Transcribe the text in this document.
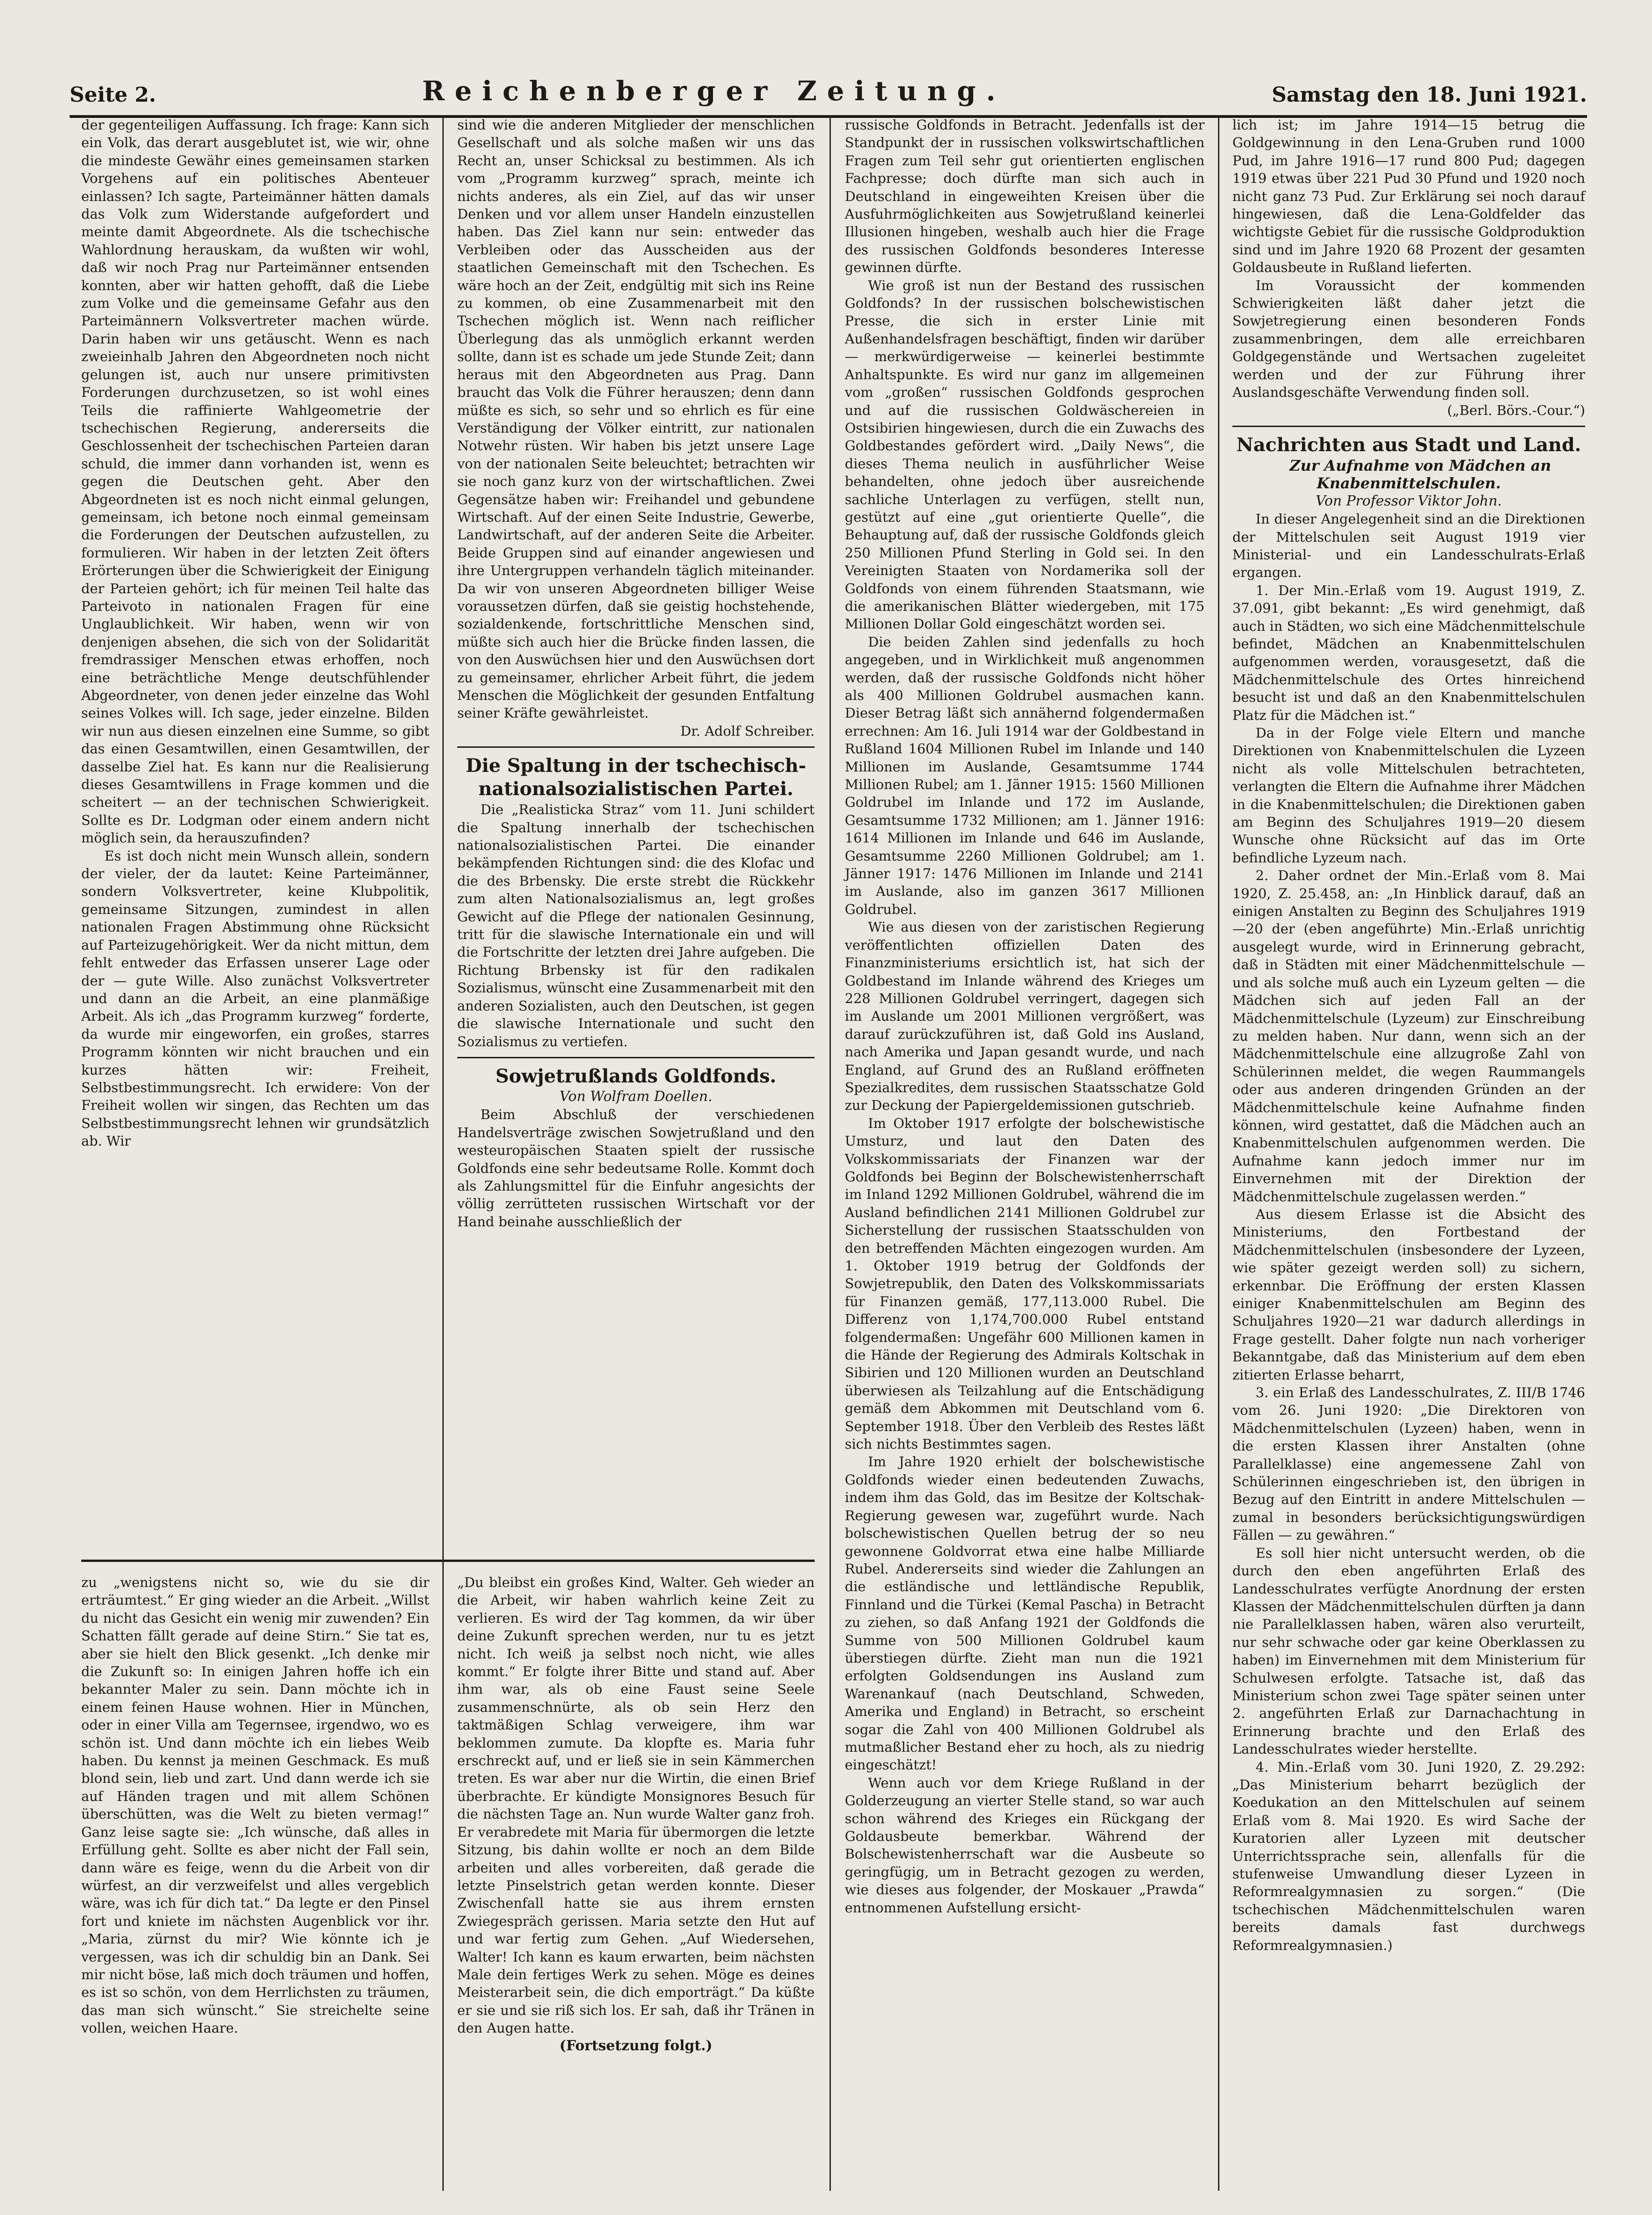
Seite 2.	Reichenberger Zeitung.	Samstag den 18. Juni 1921.

der gegenteiligen Auffassung. Ich frage: Kann sich ein Volk, das derart ausgeblutet ist, wie wir, ohne die mindeste Gewähr eines gemeinsamen starken Vorgehens auf ein politisches Abenteuer einlassen? Ich sagte, Parteimänner hätten damals das Volk zum Widerstande aufgefordert und meinte damit Abgeordnete. Als die tschechische Wahlordnung herauskam, da wußten wir wohl, daß wir noch Prag nur Parteimänner entsenden konnten, aber wir hatten gehofft, daß die Liebe zum Volke und die gemeinsame Gefahr aus den Parteimännern Volksvertreter machen würde. Darin haben wir uns getäuscht. Wenn es nach zweieinhalb Jahren den Abgeordneten noch nicht gelungen ist, auch nur unsere primitivsten Forderungen durchzusetzen, so ist wohl eines Teils die raffinierte Wahlgeometrie der tschechischen Regierung, andererseits die Geschlossenheit der tschechischen Parteien daran schuld, die immer dann vorhanden ist, wenn es gegen die Deutschen geht. Aber den Abgeordneten ist es noch nicht einmal gelungen, gemeinsam, ich betone noch einmal gemeinsam die Forderungen der Deutschen aufzustellen, zu formulieren. Wir haben in der letzten Zeit öfters Erörterungen über die Schwierigkeit der Einigung der Parteien gehört; ich für meinen Teil halte das Parteivoto in nationalen Fragen für eine Unglaublichkeit. Wir haben, wenn wir von denjenigen absehen, die sich von der Solidarität fremdrassiger Menschen etwas erhoffen, noch eine beträchtliche Menge deutschfühlender Abgeordneter, von denen jeder einzelne das Wohl seines Volkes will. Ich sage, jeder einzelne. Bilden wir nun aus diesen einzelnen eine Summe, so gibt das einen Gesamtwillen, einen Gesamtwillen, der dasselbe Ziel hat. Es kann nur die Realisierung dieses Gesamtwillens in Frage kommen und die scheitert — an der technischen Schwierigkeit. Sollte es Dr. Lodgman oder einem andern nicht möglich sein, da herauszufinden?

Es ist doch nicht mein Wunsch allein, sondern der vieler, der da lautet: Keine Parteimänner, sondern Volksvertreter, keine Klubpolitik, gemeinsame Sitzungen, zumindest in allen nationalen Fragen Abstimmung ohne Rücksicht auf Parteizugehörigkeit. Wer da nicht mittun, dem fehlt entweder das Erfassen unserer Lage oder der — gute Wille. Also zunächst Volksvertreter und dann an die Arbeit, an eine planmäßige Arbeit. Als ich „das Programm kurzweg“ forderte, da wurde mir eingeworfen, ein großes, starres Programm könnten wir nicht brauchen und ein kurzes hätten wir: Freiheit, Selbstbestimmungsrecht. Ich erwidere: Von der Freiheit wollen wir singen, das Rechten um das Selbstbestimmungsrecht lehnen wir grundsätzlich ab. Wir

sind wie die anderen Mitglieder der menschlichen Gesellschaft und als solche maßen wir uns das Recht an, unser Schicksal zu bestimmen. Als ich vom „Programm kurzweg“ sprach, meinte ich nichts anderes, als ein Ziel, auf das wir unser Denken und vor allem unser Handeln einzustellen haben. Das Ziel kann nur sein: entweder das Verbleiben oder das Ausscheiden aus der staatlichen Gemeinschaft mit den Tschechen. Es wäre hoch an der Zeit, endgültig mit sich ins Reine zu kommen, ob eine Zusammenarbeit mit den Tschechen möglich ist. Wenn nach reiflicher Überlegung das als unmöglich erkannt werden sollte, dann ist es schade um jede Stunde Zeit; dann heraus mit den Abgeordneten aus Prag. Dann braucht das Volk die Führer herauszen; denn dann müßte es sich, so sehr und so ehrlich es für eine Verständigung der Völker eintritt, zur nationalen Notwehr rüsten. Wir haben bis jetzt unsere Lage von der nationalen Seite beleuchtet; betrachten wir sie noch ganz kurz von der wirtschaftlichen. Zwei Gegensätze haben wir: Freihandel und gebundene Wirtschaft. Auf der einen Seite Industrie, Gewerbe, Landwirtschaft, auf der anderen Seite die Arbeiter. Beide Gruppen sind auf einander angewiesen und ihre Untergruppen verhandeln täglich miteinander. Da wir von unseren Abgeordneten billiger Weise voraussetzen dürfen, daß sie geistig hochstehende, sozialdenkende, fortschrittliche Menschen sind, müßte sich auch hier die Brücke finden lassen, die von den Auswüchsen hier und den Auswüchsen dort zu gemeinsamer, ehrlicher Arbeit führt, die jedem Menschen die Möglichkeit der gesunden Entfaltung seiner Kräfte gewährleistet.

Dr. Adolf Schreiber.

Die Spaltung in der tschechisch-nationalsozialistischen Partei.

Die „Realisticka Straz“ vom 11. Juni schildert die Spaltung innerhalb der tschechischen nationalsozialistischen Partei. Die einander bekämpfenden Richtungen sind: die des Klofac und die des Brbensky. Die erste strebt die Rückkehr zum alten Nationalsozialismus an, legt großes Gewicht auf die Pflege der nationalen Gesinnung, tritt für die slawische Internationale ein und will die Fortschritte der letzten drei Jahre aufgeben. Die Richtung Brbensky ist für den radikalen Sozialismus, wünscht eine Zusammenarbeit mit den anderen Sozialisten, auch den Deutschen, ist gegen die slawische Internationale und sucht den Sozialismus zu vertiefen.

Sowjetrußlands Goldfonds.

Von Wolfram Doellen.

Beim Abschluß der verschiedenen Handelsverträge zwischen Sowjetrußland und den westeuropäischen Staaten spielt der russische Goldfonds eine sehr bedeutsame Rolle. Kommt doch als Zahlungsmittel für die Einfuhr angesichts der völlig zerrütteten russischen Wirtschaft vor der Hand beinahe ausschließlich der

russische Goldfonds in Betracht. Jedenfalls ist der Standpunkt der in russischen volkswirtschaftlichen Fragen zum Teil sehr gut orientierten englischen Fachpresse; doch dürfte man sich auch in Deutschland in eingeweihten Kreisen über die Ausfuhrmöglichkeiten aus Sowjetrußland keinerlei Illusionen hingeben, weshalb auch hier die Frage des russischen Goldfonds besonderes Interesse gewinnen dürfte.

Wie groß ist nun der Bestand des russischen Goldfonds? In der russischen bolschewistischen Presse, die sich in erster Linie mit Außenhandelsfragen beschäftigt, finden wir darüber — merkwürdigerweise — keinerlei bestimmte Anhaltspunkte. Es wird nur ganz im allgemeinen vom „großen“ russischen Goldfonds gesprochen und auf die russischen Goldwäschereien in Ostsibirien hingewiesen, durch die ein Zuwachs des Goldbestandes gefördert wird. „Daily News“, die dieses Thema neulich in ausführlicher Weise behandelten, ohne jedoch über ausreichende sachliche Unterlagen zu verfügen, stellt nun, gestützt auf eine „gut orientierte Quelle“, die Behauptung auf, daß der russische Goldfonds gleich 250 Millionen Pfund Sterling in Gold sei. In den Vereinigten Staaten von Nordamerika soll der Goldfonds von einem führenden Staatsmann, wie die amerikanischen Blätter wiedergeben, mit 175 Millionen Dollar Gold eingeschätzt worden sei.

Die beiden Zahlen sind jedenfalls zu hoch angegeben, und in Wirklichkeit muß angenommen werden, daß der russische Goldfonds nicht höher als 400 Millionen Goldrubel ausmachen kann. Dieser Betrag läßt sich annähernd folgendermaßen errechnen: Am 16. Juli 1914 war der Goldbestand in Rußland 1604 Millionen Rubel im Inlande und 140 Millionen im Auslande, Gesamtsumme 1744 Millionen Rubel; am 1. Jänner 1915: 1560 Millionen Goldrubel im Inlande und 172 im Auslande, Gesamtsumme 1732 Millionen; am 1. Jänner 1916: 1614 Millionen im Inlande und 646 im Auslande, Gesamtsumme 2260 Millionen Goldrubel; am 1. Jänner 1917: 1476 Millionen im Inlande und 2141 im Auslande, also im ganzen 3617 Millionen Goldrubel.

Wie aus diesen von der zaristischen Regierung veröffentlichten offiziellen Daten des Finanzministeriums ersichtlich ist, hat sich der Goldbestand im Inlande während des Krieges um 228 Millionen Goldrubel verringert, dagegen sich im Auslande um 2001 Millionen vergrößert, was darauf zurückzuführen ist, daß Gold ins Ausland, nach Amerika und Japan gesandt wurde, und nach England, auf Grund des an Rußland eröffneten Spezialkredites, dem russischen Staatsschatze Gold zur Deckung der Papiergeldemissionen gutschrieb.

Im Oktober 1917 erfolgte der bolschewistische Umsturz, und laut den Daten des Volkskommissariats der Finanzen war der Goldfonds bei Beginn der Bolschewistenherrschaft im Inland 1292 Millionen Goldrubel, während die im Ausland befindlichen 2141 Millionen Goldrubel zur Sicherstellung der russischen Staatsschulden von den betreffenden Mächten eingezogen wurden. Am 1. Oktober 1919 betrug der Goldfonds der Sowjetrepublik, den Daten des Volkskommissariats für Finanzen gemäß, 177,113.000 Rubel. Die Differenz von 1,174,700.000 Rubel entstand folgendermaßen: Ungefähr 600 Millionen kamen in die Hände der Regierung des Admirals Koltschak in Sibirien und 120 Millionen wurden an Deutschland überwiesen als Teilzahlung auf die Entschädigung gemäß dem Abkommen mit Deutschland vom 6. September 1918. Über den Verbleib des Restes läßt sich nichts Bestimmtes sagen.

Im Jahre 1920 erhielt der bolschewistische Goldfonds wieder einen bedeutenden Zuwachs, indem ihm das Gold, das im Besitze der Koltschak-Regierung gewesen war, zugeführt wurde. Nach bolschewistischen Quellen betrug der so neu gewonnene Goldvorrat etwa eine halbe Milliarde Rubel. Andererseits sind wieder die Zahlungen an die estländische und lettländische Republik, Finnland und die Türkei (Kemal Pascha) in Betracht zu ziehen, so daß Anfang 1921 der Goldfonds die Summe von 500 Millionen Goldrubel kaum überstiegen dürfte. Zieht man nun die 1921 erfolgten Goldsendungen ins Ausland zum Warenankauf (nach Deutschland, Schweden, Amerika und England) in Betracht, so erscheint sogar die Zahl von 400 Millionen Goldrubel als mutmaßlicher Bestand eher zu hoch, als zu niedrig eingeschätzt!

Wenn auch vor dem Kriege Rußland in der Golderzeugung an vierter Stelle stand, so war auch schon während des Krieges ein Rückgang der Goldausbeute bemerkbar. Während der Bolschewistenherrschaft war die Ausbeute so geringfügig, um in Betracht gezogen zu werden, wie dieses aus folgender, der Moskauer „Prawda“ entnommenen Aufstellung ersicht-

lich ist; im Jahre 1914—15 betrug die Goldgewinnung in den Lena-Gruben rund 1000 Pud, im Jahre 1916—17 rund 800 Pud; dagegen 1919 etwas über 221 Pud 30 Pfund und 1920 noch nicht ganz 73 Pud. Zur Erklärung sei noch darauf hingewiesen, daß die Lena-Goldfelder das wichtigste Gebiet für die russische Goldproduktion sind und im Jahre 1920 68 Prozent der gesamten Goldausbeute in Rußland lieferten.

Im Voraussicht der kommenden Schwierigkeiten läßt daher jetzt die Sowjetregierung einen besonderen Fonds zusammenbringen, dem alle erreichbaren Goldgegenstände und Wertsachen zugeleitet werden und der zur Führung ihrer Auslandsgeschäfte Verwendung finden soll.

(„Berl. Börs.-Cour.“)

Nachrichten aus Stadt und Land.

Zur Aufnahme von Mädchen an Knabenmittelschulen.

Von Professor Viktor John.

In dieser Angelegenheit sind an die Direktionen der Mittelschulen seit August 1919 vier Ministerial- und ein Landesschulrats-Erlaß ergangen.

1. Der Min.-Erlaß vom 19. August 1919, Z. 37.091, gibt bekannt: „Es wird genehmigt, daß auch in Städten, wo sich eine Mädchenmittelschule befindet, Mädchen an Knabenmittelschulen aufgenommen werden, vorausgesetzt, daß die Mädchenmittelschule des Ortes hinreichend besucht ist und daß an den Knabenmittelschulen Platz für die Mädchen ist.“

Da in der Folge viele Eltern und manche Direktionen von Knabenmittelschulen die Lyzeen nicht als volle Mittelschulen betrachteten, verlangten die Eltern die Aufnahme ihrer Mädchen in die Knabenmittelschulen; die Direktionen gaben am Beginn des Schuljahres 1919—20 diesem Wunsche ohne Rücksicht auf das im Orte befindliche Lyzeum nach.

2. Daher ordnet der Min.-Erlaß vom 8. Mai 1920, Z. 25.458, an: „In Hinblick darauf, daß an einigen Anstalten zu Beginn des Schuljahres 1919—20 der (eben angeführte) Min.-Erlaß unrichtig ausgelegt wurde, wird in Erinnerung gebracht, daß in Städten mit einer Mädchenmittelschule — und als solche muß auch ein Lyzeum gelten — die Mädchen sich auf jeden Fall an der Mädchenmittelschule (Lyzeum) zur Einschreibung zu melden haben. Nur dann, wenn sich an der Mädchenmittelschule eine allzugroße Zahl von Schülerinnen meldet, die wegen Raummangels oder aus anderen dringenden Gründen an der Mädchenmittelschule keine Aufnahme finden können, wird gestattet, daß die Mädchen auch an Knabenmittelschulen aufgenommen werden. Die Aufnahme kann jedoch immer nur im Einvernehmen mit der Direktion der Mädchenmittelschule zugelassen werden.“

Aus diesem Erlasse ist die Absicht des Ministeriums, den Fortbestand der Mädchenmittelschulen (insbesondere der Lyzeen, wie später gezeigt werden soll) zu sichern, erkennbar. Die Eröffnung der ersten Klassen einiger Knabenmittelschulen am Beginn des Schuljahres 1920—21 war dadurch allerdings in Frage gestellt. Daher folgte nun nach vorheriger Bekanntgabe, daß das Ministerium auf dem eben zitierten Erlasse beharrt,

3. ein Erlaß des Landesschulrates, Z. III/B 1746 vom 26. Juni 1920: „Die Direktoren von Mädchenmittelschulen (Lyzeen) haben, wenn in die ersten Klassen ihrer Anstalten (ohne Parallelklasse) eine angemessene Zahl von Schülerinnen eingeschrieben ist, den übrigen in Bezug auf den Eintritt in andere Mittelschulen — zumal in besonders berücksichtigungswürdigen Fällen — zu gewähren.“

Es soll hier nicht untersucht werden, ob die durch den eben angeführten Erlaß des Landesschulrates verfügte Anordnung der ersten Klassen der Mädchenmittelschulen dürften ja dann nie Parallelklassen haben, wären also verurteilt, nur sehr schwache oder gar keine Oberklassen zu haben) im Einvernehmen mit dem Ministerium für Schulwesen erfolgte. Tatsache ist, daß das Ministerium schon zwei Tage später seinen unter 2. angeführten Erlaß zur Darnachachtung in Erinnerung brachte und den Erlaß des Landesschulrates wieder herstellte.

4. Min.-Erlaß vom 30. Juni 1920, Z. 29.292: „Das Ministerium beharrt bezüglich der Koedukation an den Mittelschulen auf seinem Erlaß vom 8. Mai 1920. Es wird Sache der Kuratorien aller Lyzeen mit deutscher Unterrichtssprache sein, allenfalls für die stufenweise Umwandlung dieser Lyzeen in Reformrealgymnasien zu sorgen.“ (Die tschechischen Mädchenmittelschulen waren bereits damals fast durchwegs Reformrealgymnasien.)

zu „wenigstens nicht so, wie du sie dir erträumtest.“ Er ging wieder an die Arbeit. „Willst du nicht das Gesicht ein wenig mir zuwenden? Ein Schatten fällt gerade auf deine Stirn.“ Sie tat es, aber sie hielt den Blick gesenkt. „Ich denke mir die Zukunft so: In einigen Jahren hoffe ich ein bekannter Maler zu sein. Dann möchte ich in einem feinen Hause wohnen. Hier in München, oder in einer Villa am Tegernsee, irgendwo, wo es schön ist. Und dann möchte ich ein liebes Weib haben. Du kennst ja meinen Geschmack. Es muß blond sein, lieb und zart. Und dann werde ich sie auf Händen tragen und mit allem Schönen überschütten, was die Welt zu bieten vermag!“ Ganz leise sagte sie: „Ich wünsche, daß alles in Erfüllung geht. Sollte es aber nicht der Fall sein, dann wäre es feige, wenn du die Arbeit von dir würfest, an dir verzweifelst und alles vergeblich wäre, was ich für dich tat.“ Da legte er den Pinsel fort und kniete im nächsten Augenblick vor ihr. „Maria, zürnst du mir? Wie könnte ich je vergessen, was ich dir schuldig bin an Dank. Sei mir nicht böse, laß mich doch träumen und hoffen, es ist so schön, von dem Herrlichsten zu träumen, das man sich wünscht.“ Sie streichelte seine vollen, weichen Haare.

„Du bleibst ein großes Kind, Walter. Geh wieder an die Arbeit, wir haben wahrlich keine Zeit zu verlieren. Es wird der Tag kommen, da wir über deine Zukunft sprechen werden, nur tu es jetzt nicht. Ich weiß ja selbst noch nicht, wie alles kommt.“ Er folgte ihrer Bitte und stand auf. Aber ihm war, als ob eine Faust seine Seele zusammenschnürte, als ob sein Herz den taktmäßigen Schlag verweigere, ihm war beklommen zumute. Da klopfte es. Maria fuhr erschreckt auf, und er ließ sie in sein Kämmerchen treten. Es war aber nur die Wirtin, die einen Brief überbrachte. Er kündigte Monsignores Besuch für die nächsten Tage an. Nun wurde Walter ganz froh. Er verabredete mit Maria für übermorgen die letzte Sitzung, bis dahin wollte er noch an dem Bilde arbeiten und alles vorbereiten, daß gerade die letzte Pinselstrich getan werden konnte. Dieser Zwischenfall hatte sie aus ihrem ernsten Zwiegespräch gerissen. Maria setzte den Hut auf und war fertig zum Gehen. „Auf Wiedersehen, Walter! Ich kann es kaum erwarten, beim nächsten Male dein fertiges Werk zu sehen. Möge es deines Meisterarbeit sein, die dich emporträgt.“ Da küßte er sie und sie riß sich los. Er sah, daß ihr Tränen in den Augen hatte.

(Fortsetzung folgt.)
